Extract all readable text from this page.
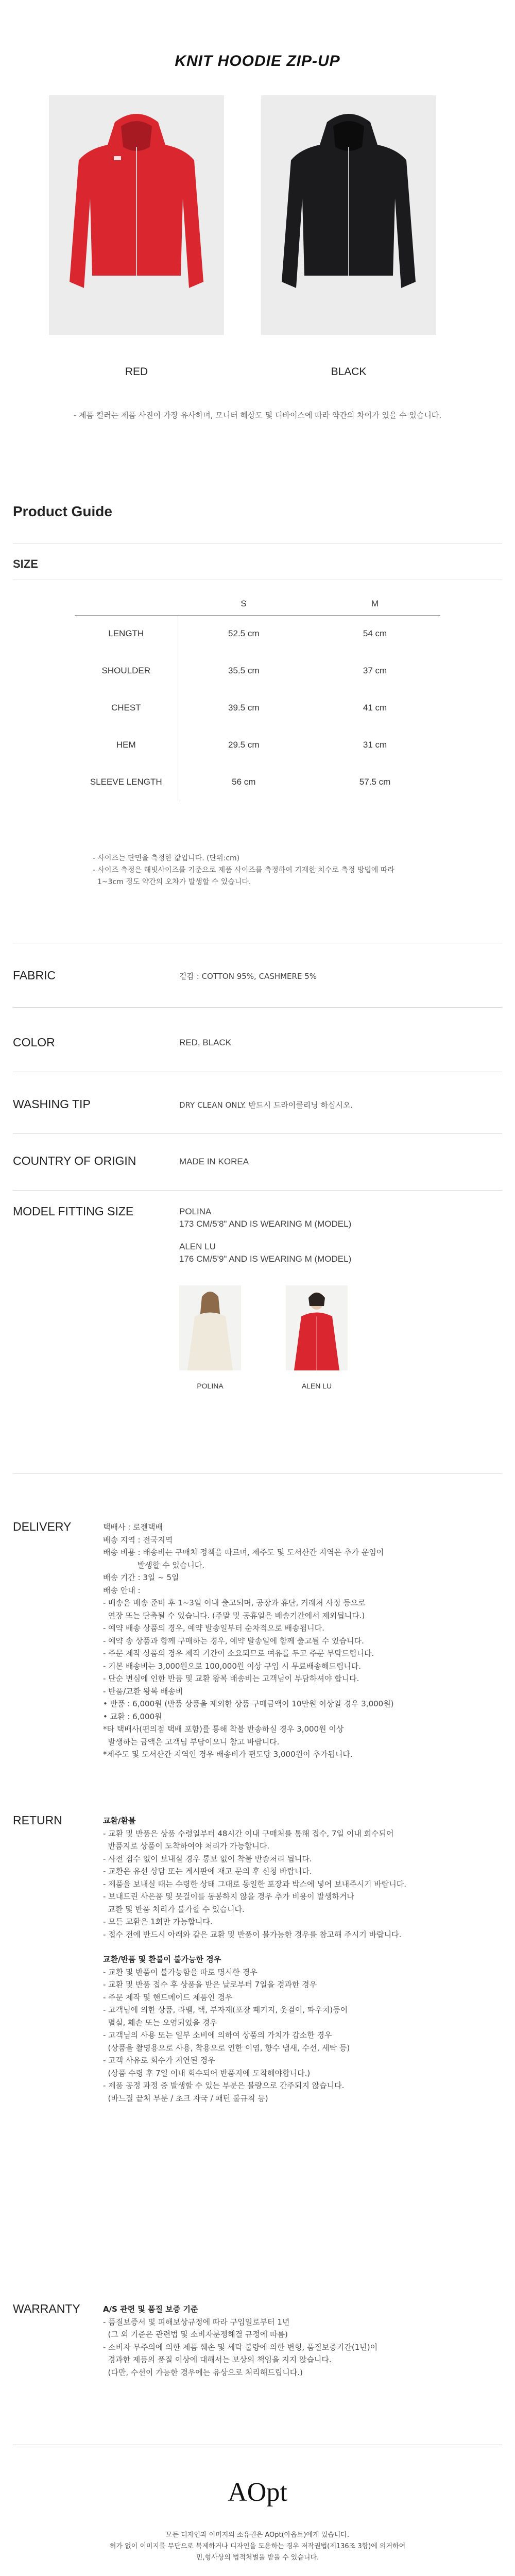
KNIT HOODIE ZIP-UP
RED	BLACK

- 제품 컬러는 제품 사진이 가장 유사하며, 모니터 해상도 및 디바이스에 따라 약간의 차이가 있을 수 있습니다.

Product Guide
SIZE
	S	M
LENGTH	52.5 cm	54 cm
SHOULDER	35.5 cm	37 cm
CHEST	39.5 cm	41 cm
HEM	29.5 cm	31 cm
SLEEVE LENGTH	56 cm	57.5 cm

- 사이즈는 단면을 측정한 값입니다. (단위:cm)

- 사이즈 측정은 해빗사이즈를 기준으로 제품 사이즈를 측정하여 기재한 치수로 측정 방법에 따라

1~3cm 정도 약간의 오차가 발생할 수 있습니다.

FABRIC	겉감 : COTTON 95%, CASHMERE 5%
COLOR	RED, BLACK
WASHING TIP	DRY CLEAN ONLY. 반드시 드라이클리닝 하십시오.
COUNTRY OF ORIGIN	MADE IN KOREA
MODEL FITTING SIZE	POLINA
173 CM/5'8" AND IS WEARING M (MODEL)
ALEN LU
176 CM/5'9" AND IS WEARING M (MODEL)
POLINA	ALEN LU
DELIVERY	택배사 : 로젠택배

배송 지역 : 전국지역

배송 비용 : 배송비는 구매처 정책을 따르며, 제주도 및 도서산간 지역은 추가 운임이

발생할 수 있습니다.

배송 기간 : 3일 ~ 5일

배송 안내 :

- 배송은 배송 준비 후 1~3일 이내 출고되며, 공장과 휴단, 거래처 사정 등으로

연장 또는 단축될 수 있습니다. (주말 및 공휴일은 배송기간에서 제외됩니다.)

- 예약 배송 상품의 경우, 예약 발송일부터 순차적으로 배송됩니다.

- 예약 송 상품과 함께 구매하는 경우, 예약 발송일에 함께 출고될 수 있습니다.

- 주문 제작 상품의 경우 제작 기간이 소요되므로 여유를 두고 주문 부탁드립니다.

- 기본 배송비는 3,000원으로 100,000원 이상 구입 시 무료배송해드립니다.

- 단순 변심에 인한 반품 및 교환 왕복 배송비는 고객님이 부담하셔야 합니다.

- 반품/교환 왕복 배송비

• 반품 : 6,000원 (반품 상품을 제외한 상품 구매금액이 10만원 이상일 경우 3,000원)

• 교환 : 6,000원

*타 택배사(편의점 택배 포함)를 통해 착불 반송하실 경우 3,000원 이상

발생하는 금액은 고객님 부담이오니 참고 바랍니다.

*제주도 및 도서산간 지역인 경우 배송비가 편도당 3,000원이 추가됩니다.

RETURN	교환/환불

- 교환 및 반품은 상품 수령일부터 48시간 이내 구매처를 통해 접수, 7일 이내 회수되어

반품지로 상품이 도착하여야 처리가 가능합니다.

- 사전 접수 없이 보내실 경우 통보 없이 착불 반송처리 됩니다.

- 교환은 유선 상담 또는 게시판에 재고 문의 후 신청 바랍니다.

- 제품을 보내실 때는 수령한 상태 그대로 동일한 포장과 박스에 넣어 보내주시기 바랍니다.

- 보내드린 사은품 및 못걸이를 동봉하지 않을 경우 추가 비용이 발생하거나

교환 및 반품 처리가 불가할 수 있습니다.

- 모든 교환은 1회만 가능합니다.

- 접수 전에 반드시 아래와 같은 교환 및 반품이 불가능한 경우를 참고해 주시기 바랍니다.

교환/반품 및 환불이 불가능한 경우

- 교환 및 반품이 불가능함을 따로 명시한 경우

- 교환 및 반품 접수 후 상품을 받은 날로부터 7일을 경과한 경우

- 주문 제작 및 핸드메이드 제품인 경우

- 고객님에 의한 상품, 라벨, 택, 부자재(포장 패키지, 옷걸이, 파우치)등이

멸실, 훼손 또는 오염되었을 경우

- 고객님의 사용 또는 일부 소비에 의하여 상품의 가치가 감소한 경우

(상품을 촬영용으로 사용, 착용으로 인한 이염, 향수 냄새, 수선, 세탁 등)

- 고객 사유로 회수가 지연된 경우

(상품 수령 후 7일 이내 회수되어 반품지에 도착해야합니다.)

- 제품 공정 과정 중 발생할 수 있는 부분은 불량으로 간주되지 않습니다.

(바느질 끝처 부분 / 초크 자국 / 패턴 불규칙 등)

WARRANTY	A/S 관련 및 품질 보증 기준

- 품질보증서 및 피해보상규정에 따라 구입일로부터 1년

(그 외 기준은 관련법 및 소비자분쟁해결 규정에 따름)

- 소비자 부주의에 의한 제품 훼손 및 세탁 불량에 의한 변형, 품질보증기간(1년)이

경과한 제품의 품질 이상에 대해서는 보상의 책임을 지지 않습니다.

(다만, 수선이 가능한 경우에는 유상으로 처리해드립니다.)

AOpt

모든 디자인과 이미지의 소유권은 AOpt(아옵트)에게 있습니다.

허가 없이 이미지를 무단으로 복제하거나 디자인을 도용하는 경우 저작권법(제136조 3항)에 의거하여

민,형사상의 법적처벌을 받을 수 있습니다.
